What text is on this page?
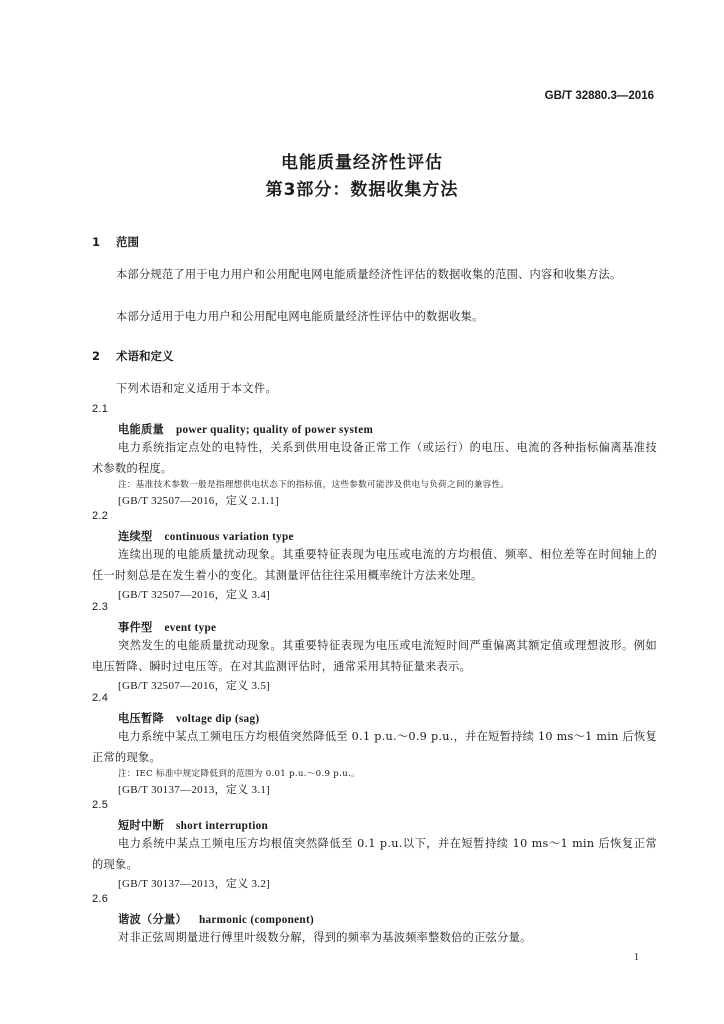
GB/T 32880.3—2016
电能质量经济性评估
第3部分：数据收集方法
1 范围
本部分规范了用于电力用户和公用配电网电能质量经济性评估的数据收集的范围、内容和收集方法。
本部分适用于电力用户和公用配电网电能质量经济性评估中的数据收集。
2 术语和定义
下列术语和定义适用于本文件。
2.1
电能质量 power quality; quality of power system
电力系统指定点处的电特性，关系到供用电设备正常工作（或运行）的电压、电流的各种指标偏离基准技术参数的程度。
注：基准技术参数一般是指理想供电状态下的指标值，这些参数可能涉及供电与负荷之间的兼容性。
[GB/T 32507—2016，定义 2.1.1]
2.2
连续型 continuous variation type
连续出现的电能质量扰动现象。其重要特征表现为电压或电流的方均根值、频率、相位差等在时间轴上的任一时刻总是在发生着小的变化。其测量评估往往采用概率统计方法来处理。
[GB/T 32507—2016，定义 3.4]
2.3
事件型 event type
突然发生的电能质量扰动现象。其重要特征表现为电压或电流短时间严重偏离其额定值或理想波形。例如电压暂降、瞬时过电压等。在对其监测评估时，通常采用其特征量来表示。
[GB/T 32507—2016，定义 3.5]
2.4
电压暂降 voltage dip (sag)
电力系统中某点工频电压方均根值突然降低至 0.1 p.u.～0.9 p.u.，并在短暂持续 10 ms～1 min 后恢复正常的现象。
注：IEC 标准中规定降低到的范围为 0.01 p.u.～0.9 p.u.。
[GB/T 30137—2013，定义 3.1]
2.5
短时中断 short interruption
电力系统中某点工频电压方均根值突然降低至 0.1 p.u.以下，并在短暂持续 10 ms～1 min 后恢复正常的现象。
[GB/T 30137—2013，定义 3.2]
2.6
谐波（分量） harmonic (component)
对非正弦周期量进行傅里叶级数分解，得到的频率为基波频率整数倍的正弦分量。
1
